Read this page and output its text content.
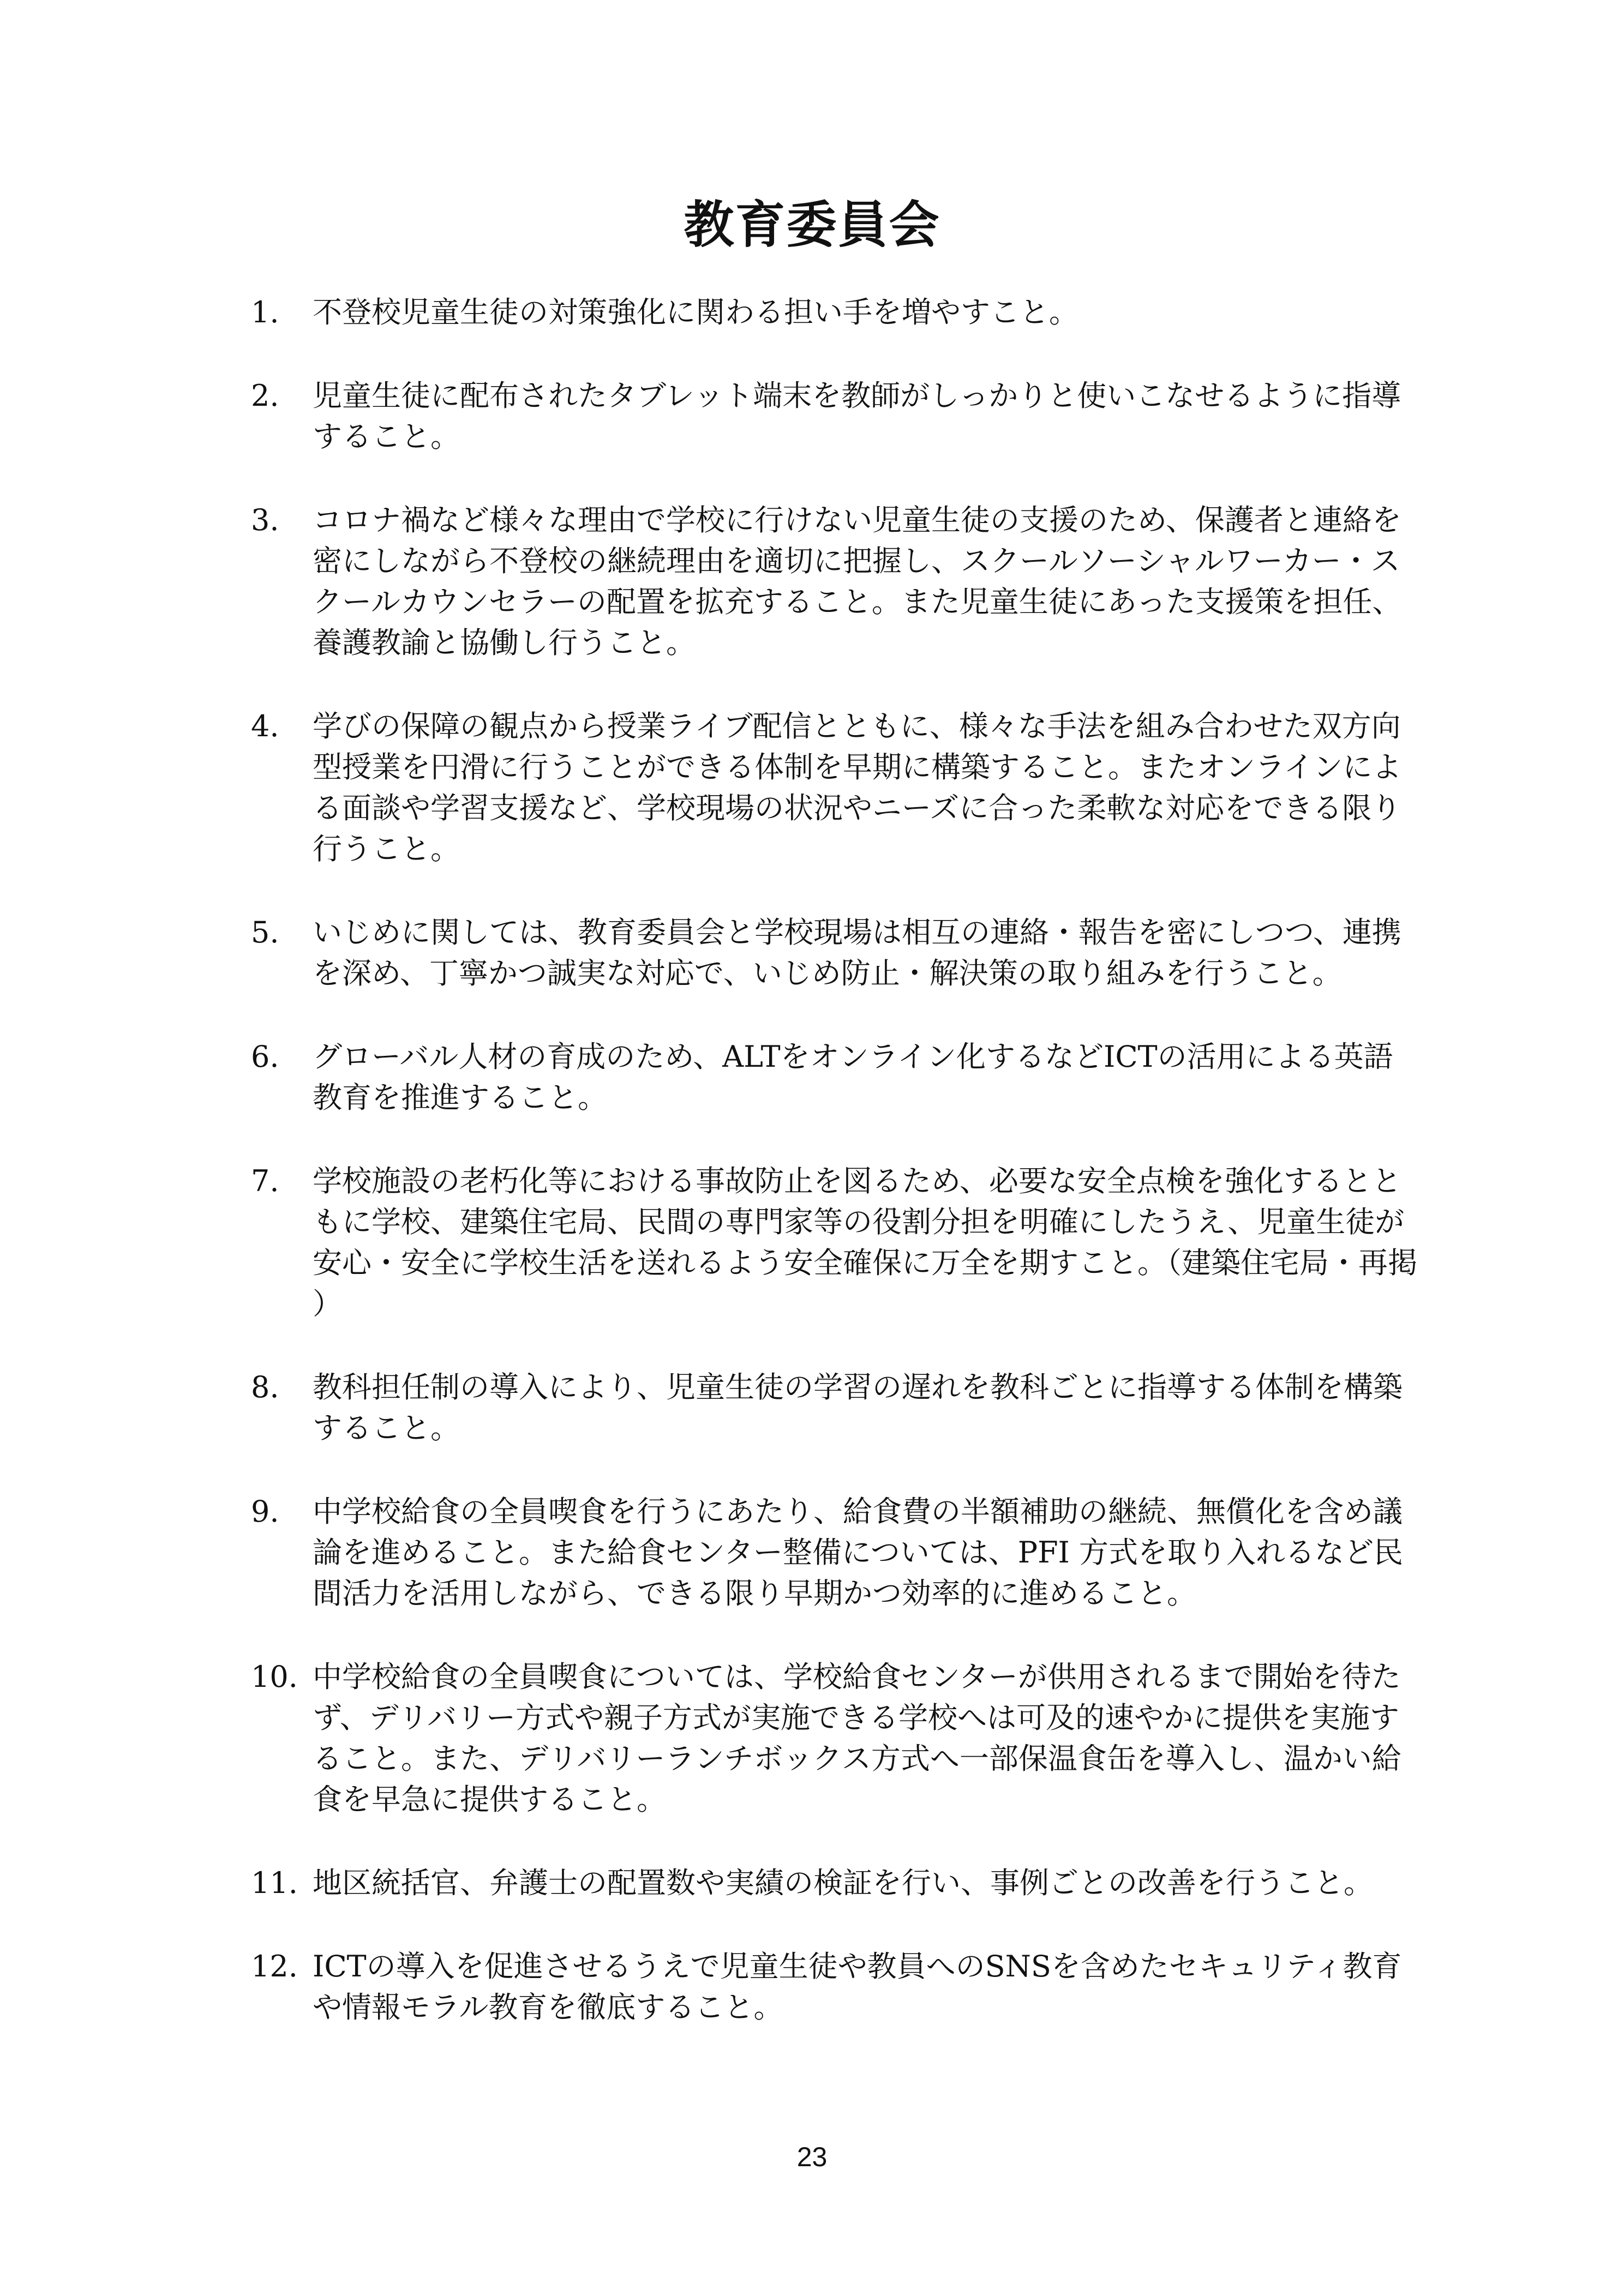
教育委員会
1.	不登校児童生徒の対策強化に関わる担い手を増やすこと。
2.	児童生徒に配布されたタブレット端末を教師がしっかりと使いこなせるように指導すること。
3.	コロナ禍など様々な理由で学校に行けない児童生徒の支援のため、保護者と連絡を密にしながら不登校の継続理由を適切に把握し、スクールソーシャルワーカー・スクールカウンセラーの配置を拡充すること。また児童生徒にあった支援策を担任、養護教諭と協働し行うこと。
4.	学びの保障の観点から授業ライブ配信とともに、様々な手法を組み合わせた双方向型授業を円滑に行うことができる体制を早期に構築すること。またオンラインによる面談や学習支援など、学校現場の状況やニーズに合った柔軟な対応をできる限り行うこと。
5.	いじめに関しては、教育委員会と学校現場は相互の連絡・報告を密にしつつ、連携を深め、丁寧かつ誠実な対応で、いじめ防止・解決策の取り組みを行うこと。
6.	グローバル人材の育成のため、ALTをオンライン化するなどICTの活用による英語教育を推進すること。
7.	学校施設の老朽化等における事故防止を図るため、必要な安全点検を強化するとともに学校、建築住宅局、民間の専門家等の役割分担を明確にしたうえ、児童生徒が安心・安全に学校生活を送れるよう安全確保に万全を期すこと。（建築住宅局・再掲）
8.	教科担任制の導入により、児童生徒の学習の遅れを教科ごとに指導する体制を構築すること。
9.	中学校給食の全員喫食を行うにあたり、給食費の半額補助の継続、無償化を含め議論を進めること。また給食センター整備については、PFI 方式を取り入れるなど民間活力を活用しながら、できる限り早期かつ効率的に進めること。
10. 中学校給食の全員喫食については、学校給食センターが供用されるまで開始を待たず、デリバリー方式や親子方式が実施できる学校へは可及的速やかに提供を実施すること。また、デリバリーランチボックス方式へ一部保温食缶を導入し、温かい給食を早急に提供すること。
11. 地区統括官、弁護士の配置数や実績の検証を行い、事例ごとの改善を行うこと。
12. ICTの導入を促進させるうえで児童生徒や教員へのSNSを含めたセキュリティ教育や情報モラル教育を徹底すること。
23
